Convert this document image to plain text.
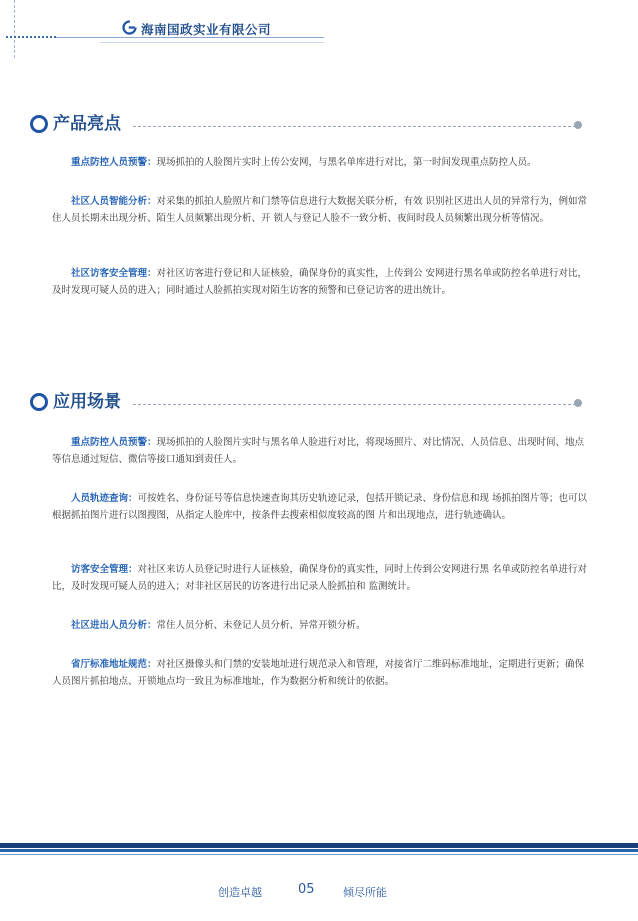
海南国政实业有限公司
产品亮点

重点防控人员预警：现场抓拍的人脸图片实时上传公安网，与黑名单库进行对比，第一时间发现重点防控人员。

社区人员智能分析：对采集的抓拍人脸照片和门禁等信息进行大数据关联分析，有效 识别社区进出人员的异常行为，例如常住人员长期未出现分析、陌生人员频繁出现分析、开 锁人与登记人脸不一致分析、夜间时段人员频繁出现分析等情况。

社区访客安全管理：对社区访客进行登记和人证核验，确保身份的真实性，上传到公 安网进行黑名单或防控名单进行对比，及时发现可疑人员的进入；同时通过人脸抓拍实现对陌生访客的预警和已登记访客的进出统计。

应用场景

重点防控人员预警：现场抓拍的人脸图片实时与黑名单人脸进行对比，将现场照片、对比情况、人员信息、出现时间、地点等信息通过短信、微信等接口通知到责任人。

人员轨迹查询：可按姓名、身份证号等信息快速查询其历史轨迹记录，包括开锁记录、身份信息和现 场抓拍图片等；也可以根据抓拍图片进行以图搜图，从指定人脸库中，按条件去搜索相似度较高的图 片和出现地点，进行轨迹确认。

访客安全管理：对社区来访人员登记时进行人证核验，确保身份的真实性，同时上传到公安网进行黑 名单或防控名单进行对比，及时发现可疑人员的进入；对非社区居民的访客进行出记录人脸抓拍和 监测统计。

社区进出人员分析：常住人员分析、未登记人员分析、异常开锁分析。

省厅标准地址规范：对社区摄像头和门禁的安装地址进行规范录入和管理，对接省厅二维码标准地址，定期进行更新；确保人员图片抓拍地点、开锁地点均一致且为标准地址，作为数据分析和统计的依据。

创造卓越	05	倾尽所能
